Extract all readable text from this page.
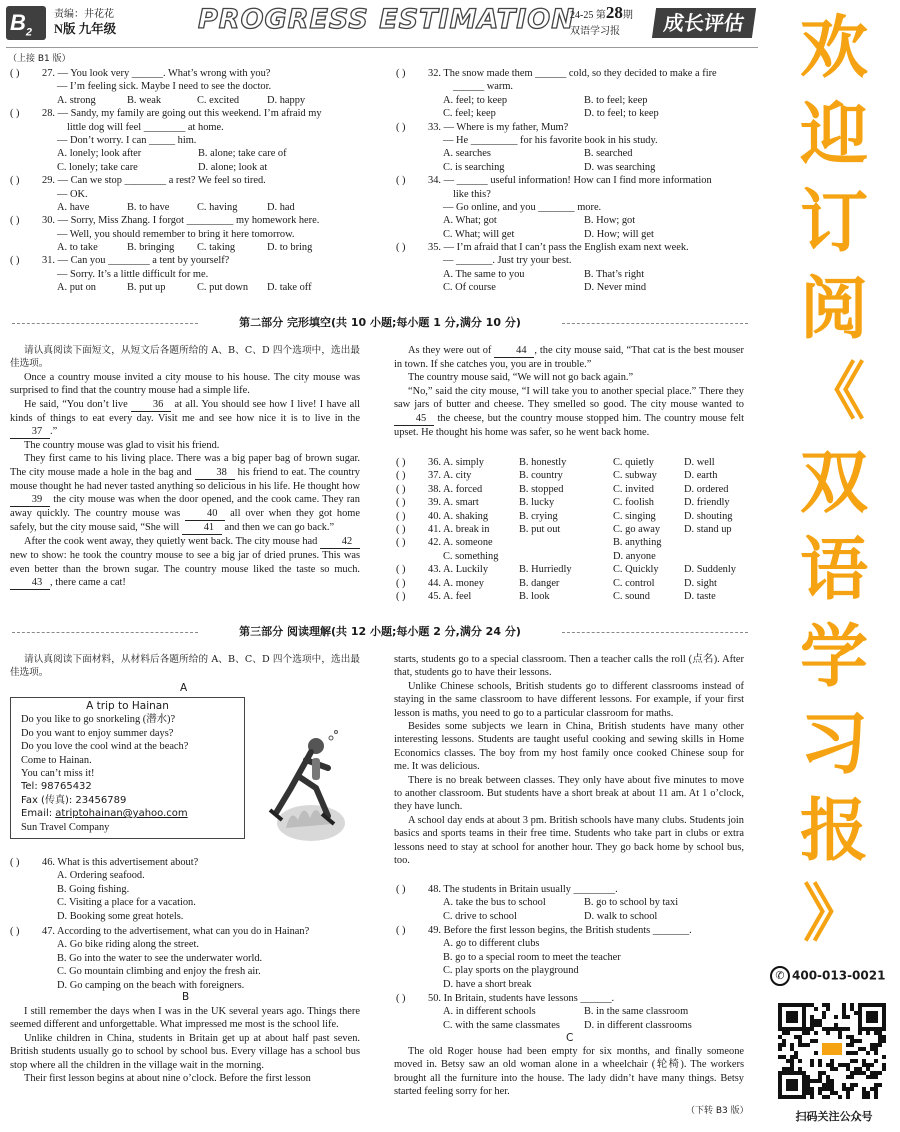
$B_2$
责编：井花花
N版 九年级	PROGRESS ESTIMATION
24-25 第28期
双语学习报	成长评估
（上接 B1 版）
( ) 27. — You look very ______. What’s wrong with you?
— I’m feeling sick. Maybe I need to see the doctor.
A. strong	B. weak	C. excited	D. happy
( ) 28. — Sandy, my family are going out this weekend. I’m afraid my
little dog will feel ________ at home.
— Don’t worry. I can _____ him.
A. lonely; look after	B. alone; take care of
C. lonely; take care	D. alone; look at
( ) 29. — Can we stop ________ a rest? We feel so tired.
— OK.
A. have	B. to have	C. having	D. had
( ) 30. — Sorry, Miss Zhang. I forgot _________ my homework here.
— Well, you should remember to bring it here tomorrow.
A. to take	B. bringing C. taking	D. to bring
( ) 31. — Can you ________ a tent by yourself?
— Sorry. It’s a little difficult for me.
A. put on	B. put up	C. put down D. take off
( ) 32. The snow made them ______ cold, so they decided to make a fire
______ warm.
A. feel; to keep	B. to feel; keep
C. feel; keep	D. to feel; to keep
( ) 33. — Where is my father, Mum?
— He _________ for his favorite book in his study.
A. searches	B. searched
C. is searching	D. was searching
( ) 34. — ______ useful information! How can I find more information
like this?
— Go online, and you _______ more.
A. What; got	B. How; got
C. What; will get	D. How; will get
( ) 35. — I’m afraid that I can’t pass the English exam next week.
— _______. Just try your best.
A. The same to you	B. That’s right
C. Of course	D. Never mind
第二部分 完形填空(共 10 小题;每小题 1 分,满分 10 分)

请认真阅读下面短文，从短文后各题所给的 A、B、C、D 四个选项中，选出最佳选项。

Once a country mouse invited a city mouse to his house. The city mouse was surprised to find that the country mouse had a simple life.

He said, “You don’t live 36 at all. You should see how I live! I have all kinds of things to eat every day. Visit me and see how nice it is to live in the 37 .”

The country mouse was glad to visit his friend.

They first came to his living place. There was a big paper bag of brown sugar. The city mouse made a hole in the bag and 38 his friend to eat. The country mouse thought he had never tasted anything so delicious in his life. He thought how 39 the city mouse was when the door opened, and the cook came. They ran away quickly. The country mouse was 40 all over when they got home safely, but the city mouse said, “She will 41 and then we can go back.”

After the cook went away, they quietly went back. The city mouse had 42 new to show: he took the country mouse to see a big jar of dried prunes. This was even better than the brown sugar. The country mouse liked the taste so much. 43 , there came a cat!

As they were out of 44 , the city mouse said, “That cat is the best mouser in town. If she catches you, you are in trouble.”

The country mouse said, “We will not go back again.”

“No,” said the city mouse, “I will take you to another special place.” There they saw jars of butter and cheese. They smelled so good. The city mouse wanted to 45 the cheese, but the country mouse stopped him. The country mouse felt upset. He thought his home was safer, so he went back home.

( ) 36. A. simply	B. honestly	C. quietly	D. well
( ) 37. A. city	B. country	C. subway	D. earth
( ) 38. A. forced	B. stopped	C. invited	D. ordered
( ) 39. A. smart	B. lucky	C. foolish	D. friendly
( ) 40. A. shaking	B. crying	C. singing	D. shouting
( ) 41. A. break in	B. put out	C. go away D. stand up
( ) 42. A. someone	B. anything
C. something	D. anyone
( ) 43. A. Luckily	B. Hurriedly	C. Quickly D. Suddenly
( ) 44. A. money	B. danger	C. control	D. sight
( ) 45. A. feel	B. look	C. sound	D. taste
第三部分 阅读理解(共 12 小题;每小题 2 分,满分 24 分)

请认真阅读下面材料，从材料后各题所给的 A、B、C、D 四个选项中，选出最佳选项。

A
A trip to Hainan
Do you like to go snorkeling (潜水)?
Do you want to enjoy summer days?
Do you love the cool wind at the beach?
Come to Hainan.
You can’t miss it!
Tel: 98765432
Fax (传真): 23456789
Email: atriptohainan@yahoo.com
Sun Travel Company
( ) 46. What is this advertisement about?
A. Ordering seafood.
B. Going fishing.
C. Visiting a place for a vacation.
D. Booking some great hotels.
( ) 47. According to the advertisement, what can you do in Hainan?
A. Go bike riding along the street.
B. Go into the water to see the underwater world.
C. Go mountain climbing and enjoy the fresh air.
D. Go camping on the beach with foreigners.
B

I still remember the days when I was in the UK several years ago. Things there seemed different and unforgettable. What impressed me most is the school life.

Unlike children in China, students in Britain get up at about half past seven. British students usually go to school by school bus. Every village has a school bus stop where all the children in the village wait in the morning.

Their first lesson begins at about nine o’clock. Before the first lesson

starts, students go to a special classroom. Then a teacher calls the roll (点名). After that, students go to have their lessons.

Unlike Chinese schools, British students go to different classrooms instead of staying in the same classroom to have different lessons. For example, if your first lesson is maths, you need to go to a particular classroom for maths.

Besides some subjects we learn in China, British students have many other interesting lessons. Students are taught useful cooking and sewing skills in Home Economics classes. The boy from my host family once cooked Chinese soup for me. It was delicious.

There is no break between classes. They only have about five minutes to move to another classroom. But students have a short break at about 11 am. At 1 o’clock, they have lunch.

A school day ends at about 3 pm. British schools have many clubs. Students join basics and sports teams in their free time. Students who take part in clubs or extra lessons need to stay at school for another hour. They go back home by school bus, too.

( ) 48. The students in Britain usually ________.
A. take the bus to school	B. go to school by taxi
C. drive to school	D. walk to school
( ) 49. Before the first lesson begins, the British students _______.
A. go to different clubs
B. go to a special room to meet the teacher
C. play sports on the playground
D. have a short break
( ) 50. In Britain, students have lessons ______.
A. in different schools	B. in the same classroom
C. with the same classmates D. in different classrooms
C

The old Roger house had been empty for six months, and finally someone moved in. Betsy saw an old woman alone in a wheelchair (轮椅). The workers brought all the furniture into the house. The lady didn’t have many things. Betsy started feeling sorry for her.

（下转 B3 版）
欢
迎
订
阅
《
双
语
学
习
报
》
✆ 400-013-0021
扫码关注公众号
